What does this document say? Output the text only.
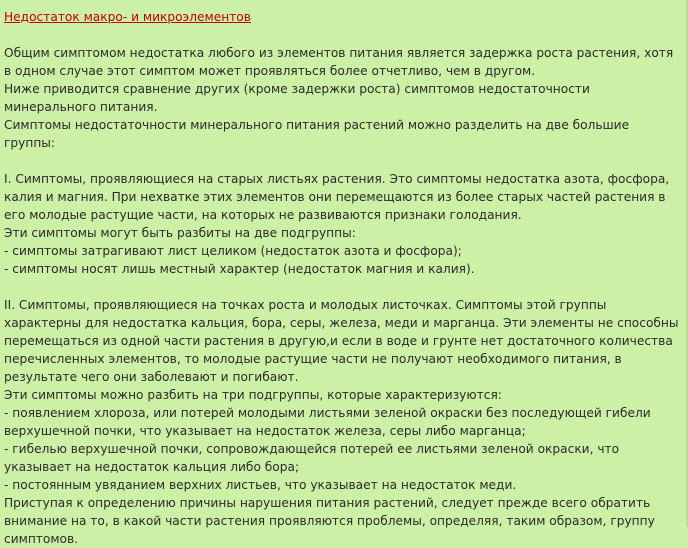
Недостаток макро- и микроэлементов

Общим симптомом недостатка любого из элементов питания является задержка роста растения, хотя в одном случае этот симптом может проявляться более отчетливо, чем в другом.
Ниже приводится сравнение других (кроме задержки роста) симптомов недостаточности минерального питания.
Симптомы недостаточности минерального питания растений можно разделить на две большие группы:

I. Симптомы, проявляющиеся на старых листьях растения. Это симптомы недостатка азота, фосфора, калия и магния. При нехватке этих элементов они перемещаются из более старых частей растения в его молодые растущие части, на которых не развиваются признаки голодания.
Эти симптомы могут быть разбиты на две подгруппы:
- симптомы затрагивают лист целиком (недостаток азота и фосфора);
- симптомы носят лишь местный характер (недостаток магния и калия).

II. Симптомы, проявляющиеся на точках роста и молодых листочках. Симптомы этой группы характерны для недостатка кальция, бора, серы, железа, меди и марганца. Эти элементы не способны перемещаться из одной части растения в другую,и если в воде и грунте нет достаточного количества перечисленных элементов, то молодые растущие части не получают необходимого питания, в результате чего они заболевают и погибают.
Эти симптомы можно разбить на три подгруппы, которые характеризуются:
- появлением хлороза, или потерей молодыми листьями зеленой окраски без последующей гибели верхушечной почки, что указывает на недостаток железа, серы либо марганца;
- гибелью верхушечной почки, сопровождающейся потерей ее листьями зеленой окраски, что указывает на недостаток кальция либо бора;
- постоянным увяданием верхних листьев, что указывает на недостаток меди.
Приступая к определению причины нарушения питания растений, следует прежде всего обратить внимание на то, в какой части растения проявляются проблемы, определяя, таким образом, группу симптомов.
